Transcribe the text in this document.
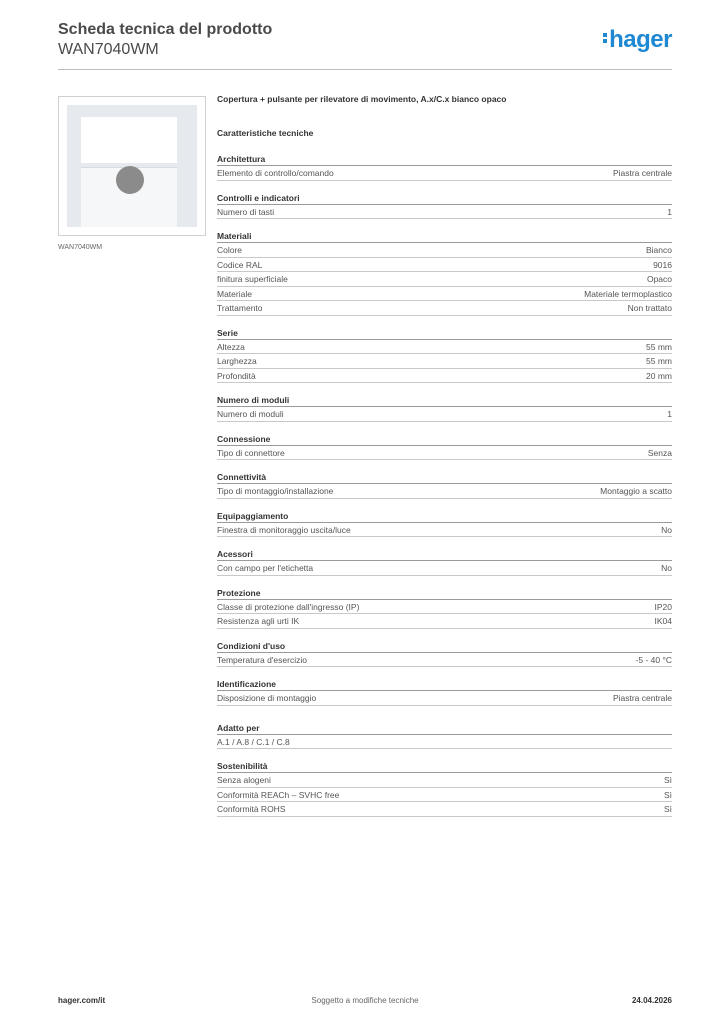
Scheda tecnica del prodotto
WAN7040WM	hager
WAN7040WM
Copertura + pulsante per rilevatore di movimento, A.x/C.x bianco opaco
Caratteristiche tecniche
Architettura
Elemento di controllo/comando	Piastra centrale
Controlli e indicatori
Numero di tasti	1
Materiali
Colore	Bianco
Codice RAL	9016
finitura superficiale	Opaco
Materiale	Materiale termoplastico
Trattamento	Non trattato
Serie
Altezza	55 mm
Larghezza	55 mm
Profondità	20 mm
Numero di moduli
Numero di moduli	1
Connessione
Tipo di connettore	Senza
Connettività
Tipo di montaggio/installazione	Montaggio a scatto
Equipaggiamento
Finestra di monitoraggio uscita/luce	No
Acessori
Con campo per l'etichetta	No
Protezione
Classe di protezione dall'ingresso (IP)	IP20
Resistenza agli urti IK	IK04
Condizioni d'uso
Temperatura d'esercizio	-5 - 40 °C
Identificazione
Disposizione di montaggio	Piastra centrale
Adatto per
A.1 / A.8 / C.1 / C.8
Sostenibilità
Senza alogeni	Sì
Conformità REACh – SVHC free	Sì
Conformità ROHS	Sì
hager.com/it	Soggetto a modifiche tecniche	24.04.2026
